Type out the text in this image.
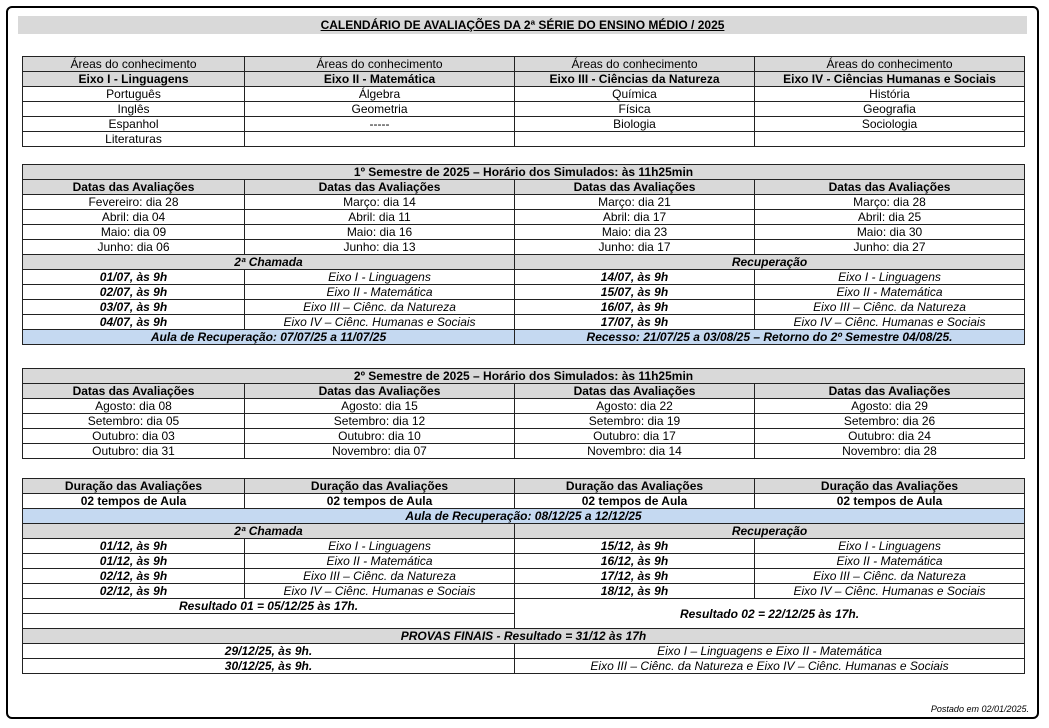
CALENDÁRIO DE AVALIAÇÕES DA 2ª SÉRIE DO ENSINO MÉDIO / 2025
Áreas do conhecimento	Áreas do conhecimento	Áreas do conhecimento	Áreas do conhecimento
Eixo I - Linguagens	Eixo II - Matemática	Eixo III - Ciências da Natureza	Eixo IV - Ciências Humanas e Sociais
Português	Álgebra	Química	História
Inglês	Geometria	Física	Geografia
Espanhol	-----	Biologia	Sociologia
Literaturas			
1º Semestre de 2025 – Horário dos Simulados: às 11h25min			
Datas das Avaliações	Datas das Avaliações	Datas das Avaliações	Datas das Avaliações
Fevereiro: dia 28	Março: dia 14	Março: dia 21	Março: dia 28
Abril: dia 04	Abril: dia 11	Abril: dia 17	Abril: dia 25
Maio: dia 09	Maio: dia 16	Maio: dia 23	Maio: dia 30
Junho: dia 06	Junho: dia 13	Junho: dia 17	Junho: dia 27
2ª Chamada		Recuperação	
01/07, às 9h	Eixo I - Linguagens	14/07, às 9h	Eixo I - Linguagens
02/07, às 9h	Eixo II - Matemática	15/07, às 9h	Eixo II - Matemática
03/07, às 9h	Eixo III – Ciênc. da Natureza	16/07, às 9h	Eixo III – Ciênc. da Natureza
04/07, às 9h	Eixo IV – Ciênc. Humanas e Sociais	17/07, às 9h	Eixo IV – Ciênc. Humanas e Sociais
Aula de Recuperação: 07/07/25 a 11/07/25		Recesso: 21/07/25 a 03/08/25 – Retorno do 2º Semestre 04/08/25.	
2º Semestre de 2025 – Horário dos Simulados: às 11h25min			
Datas das Avaliações	Datas das Avaliações	Datas das Avaliações	Datas das Avaliações
Agosto: dia 08	Agosto: dia 15	Agosto: dia 22	Agosto: dia 29
Setembro: dia 05	Setembro: dia 12	Setembro: dia 19	Setembro: dia 26
Outubro: dia 03	Outubro: dia 10	Outubro: dia 17	Outubro: dia 24
Outubro: dia 31	Novembro: dia 07	Novembro: dia 14	Novembro: dia 28
Duração das Avaliações	Duração das Avaliações	Duração das Avaliações	Duração das Avaliações
02 tempos de Aula	02 tempos de Aula	02 tempos de Aula	02 tempos de Aula
Aula de Recuperação: 08/12/25 a 12/12/25			
2ª Chamada		Recuperação	
01/12, às 9h	Eixo I - Linguagens	15/12, às 9h	Eixo I - Linguagens
01/12, às 9h	Eixo II - Matemática	16/12, às 9h	Eixo II - Matemática
02/12, às 9h	Eixo III – Ciênc. da Natureza	17/12, às 9h	Eixo III – Ciênc. da Natureza
02/12, às 9h	Eixo IV – Ciênc. Humanas e Sociais	18/12, às 9h	Eixo IV – Ciênc. Humanas e Sociais
Resultado 01 = 05/12/25 às 17h.		Resultado 02 = 22/12/25 às 17h.	

PROVAS FINAIS - Resultado = 31/12 às 17h			
29/12/25, às 9h.		Eixo I – Linguagens e Eixo II - Matemática	
30/12/25, às 9h.		Eixo III – Ciênc. da Natureza e Eixo IV – Ciênc. Humanas e Sociais	
Postado em 02/01/2025.
